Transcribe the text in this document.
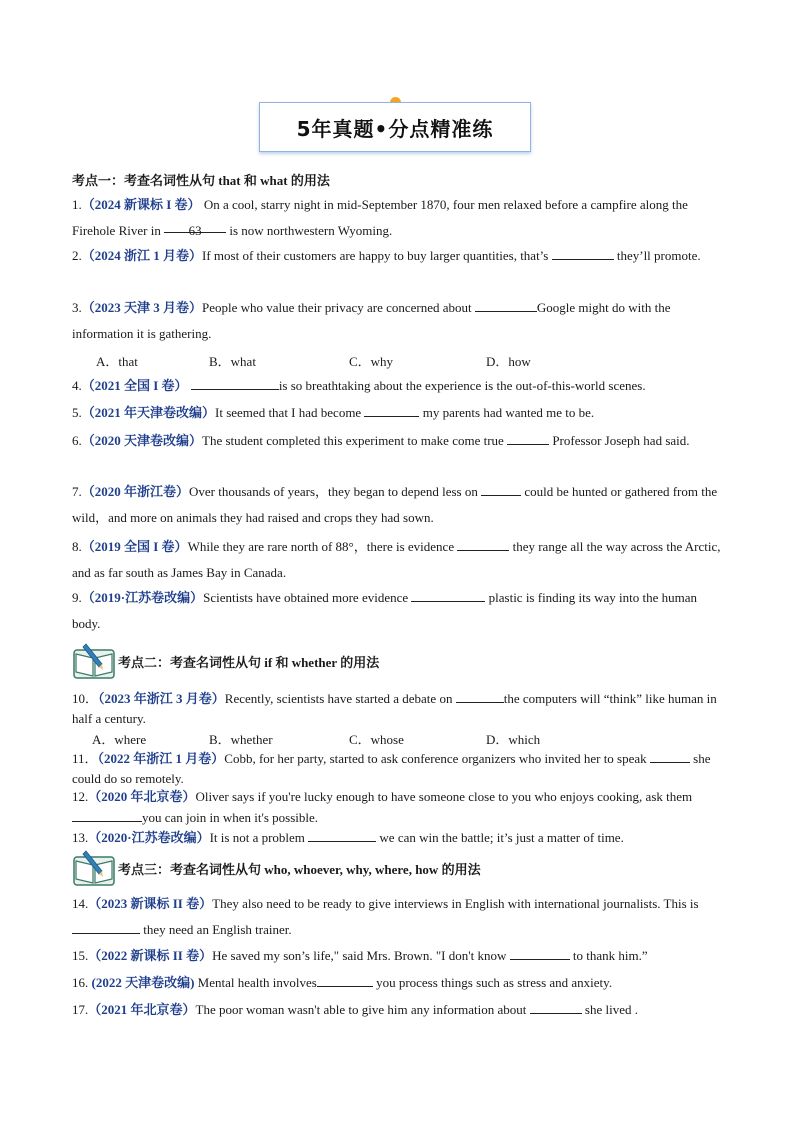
5年真题•分点精准练
考点一：考查名词性从句 that 和 what 的用法
1.（2024 新课标 I 卷） On a cool, starry night in mid-September 1870, four men relaxed before a campfire along the Firehole River in 63 is now northwestern Wyoming.
2.（2024 浙江 1 月卷）If most of their customers are happy to buy larger quantities, that’s	they’ll promote.
3.（2023 天津 3 月卷）People who value their privacy are concerned about	Google might do with the information it is gathering.
A．that	B．what	C．why	D．how
4.（2021 全国 I 卷）	is so breathtaking about the experience is the out-of-this-world scenes.
5.（2021 年天津卷改编）It seemed that I had become	my parents had wanted me to be.
6.（2020 天津卷改编）The student completed this experiment to make come true	Professor Joseph had said.
7.（2020 年浙江卷）Over thousands of years，they began to depend less on	could be hunted or gathered from the wild，and more on animals they had raised and crops they had sown.
8.（2019 全国 I 卷）While they are rare north of 88°，there is evidence	they range all the way across the Arctic, and as far south as James Bay in Canada.
9.（2019·江苏卷改编）Scientists have obtained more evidence	plastic is finding its way into the human body.
考点二：考查名词性从句 if 和 whether 的用法
10．（2023 年浙江 3 月卷）Recently, scientists have started a debate on	the computers will “think” like human in half a century.
A．where	B．whether	C．whose	D．which
11．（2022 年浙江 1 月卷）Cobb, for her party, started to ask conference organizers who invited her to speak	she could do so remotely.
12.（2020 年北京卷）Oliver says if you're lucky enough to have someone close to you who enjoys cooking, ask them you can join in when it's possible.
13.（2020·江苏卷改编）It is not a problem	we can win the battle; it’s just a matter of time.
考点三：考查名词性从句 who, whoever, why, where, how 的用法
14.（2023 新课标 II 卷）They also need to be ready to give interviews in English with international journalists. This is  they need an English trainer.
15.（2022 新课标 II 卷）He saved my son’s life," said Mrs. Brown. "I don't know	to thank him.”
16. (2022 天津卷改编) Mental health involves	you process things such as stress and anxiety.
17.（2021 年北京卷）The poor woman wasn't able to give him any information about	she lived .
